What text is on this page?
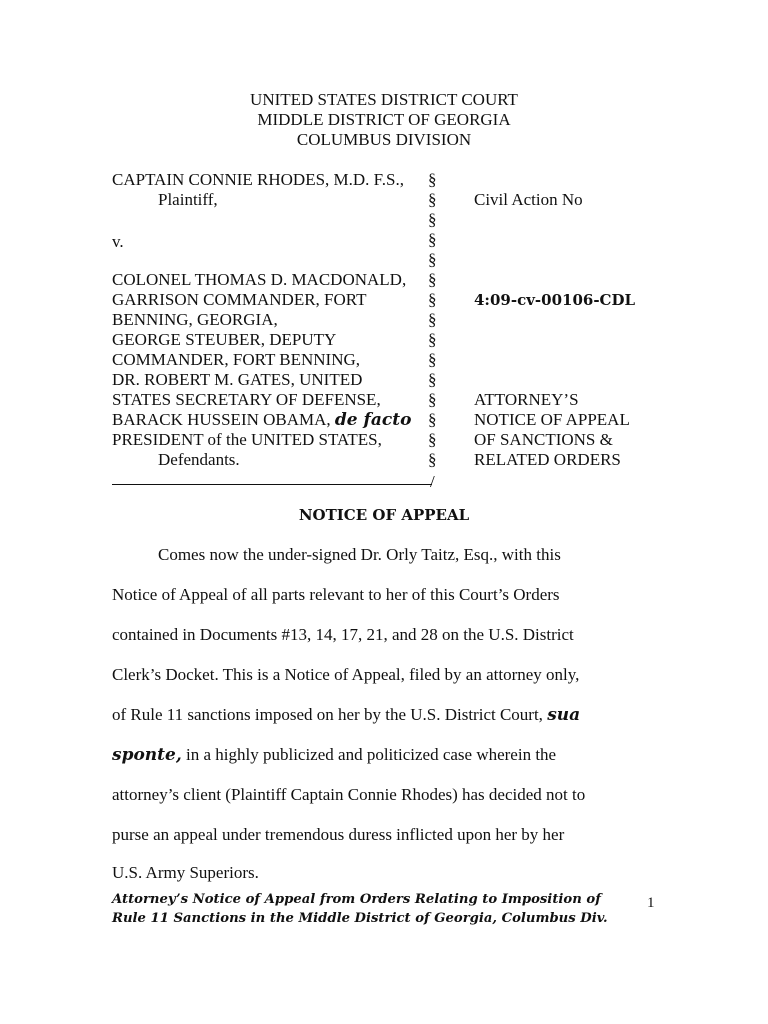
UNITED STATES DISTRICT COURT
MIDDLE DISTRICT OF GEORGIA
COLUMBUS DIVISION
CAPTAIN CONNIE RHODES, M.D. F.S.,
Plaintiff,
v.
COLONEL THOMAS D. MACDONALD,
GARRISON COMMANDER, FORT
BENNING, GEORGIA,
GEORGE STEUBER, DEPUTY
COMMANDER, FORT BENNING,
DR. ROBERT M. GATES, UNITED
STATES SECRETARY OF DEFENSE,
BARACK HUSSEIN OBAMA, de facto
PRESIDENT of the UNITED STATES,
Defendants.
§
§
§
§
§
§
§
§
§
§
§
§
§
§
§
/
Civil Action No
4:09-cv-00106-CDL
ATTORNEY’S
NOTICE OF APPEAL
OF SANCTIONS &
RELATED ORDERS
NOTICE OF APPEAL
Comes now the under-signed Dr. Orly Taitz, Esq., with this
Notice of Appeal of all parts relevant to her of this Court’s Orders
contained in Documents #13, 14, 17, 21, and 28 on the U.S. District
Clerk’s Docket. This is a Notice of Appeal, filed by an attorney only,
of Rule 11 sanctions imposed on her by the U.S. District Court, sua
sponte, in a highly publicized and politicized case wherein the
attorney’s client (Plaintiff Captain Connie Rhodes) has decided not to
purse an appeal under tremendous duress inflicted upon her by her
U.S. Army Superiors.
Attorney’s Notice of Appeal from Orders Relating to Imposition of
Rule 11 Sanctions in the Middle District of Georgia, Columbus Div.
1
